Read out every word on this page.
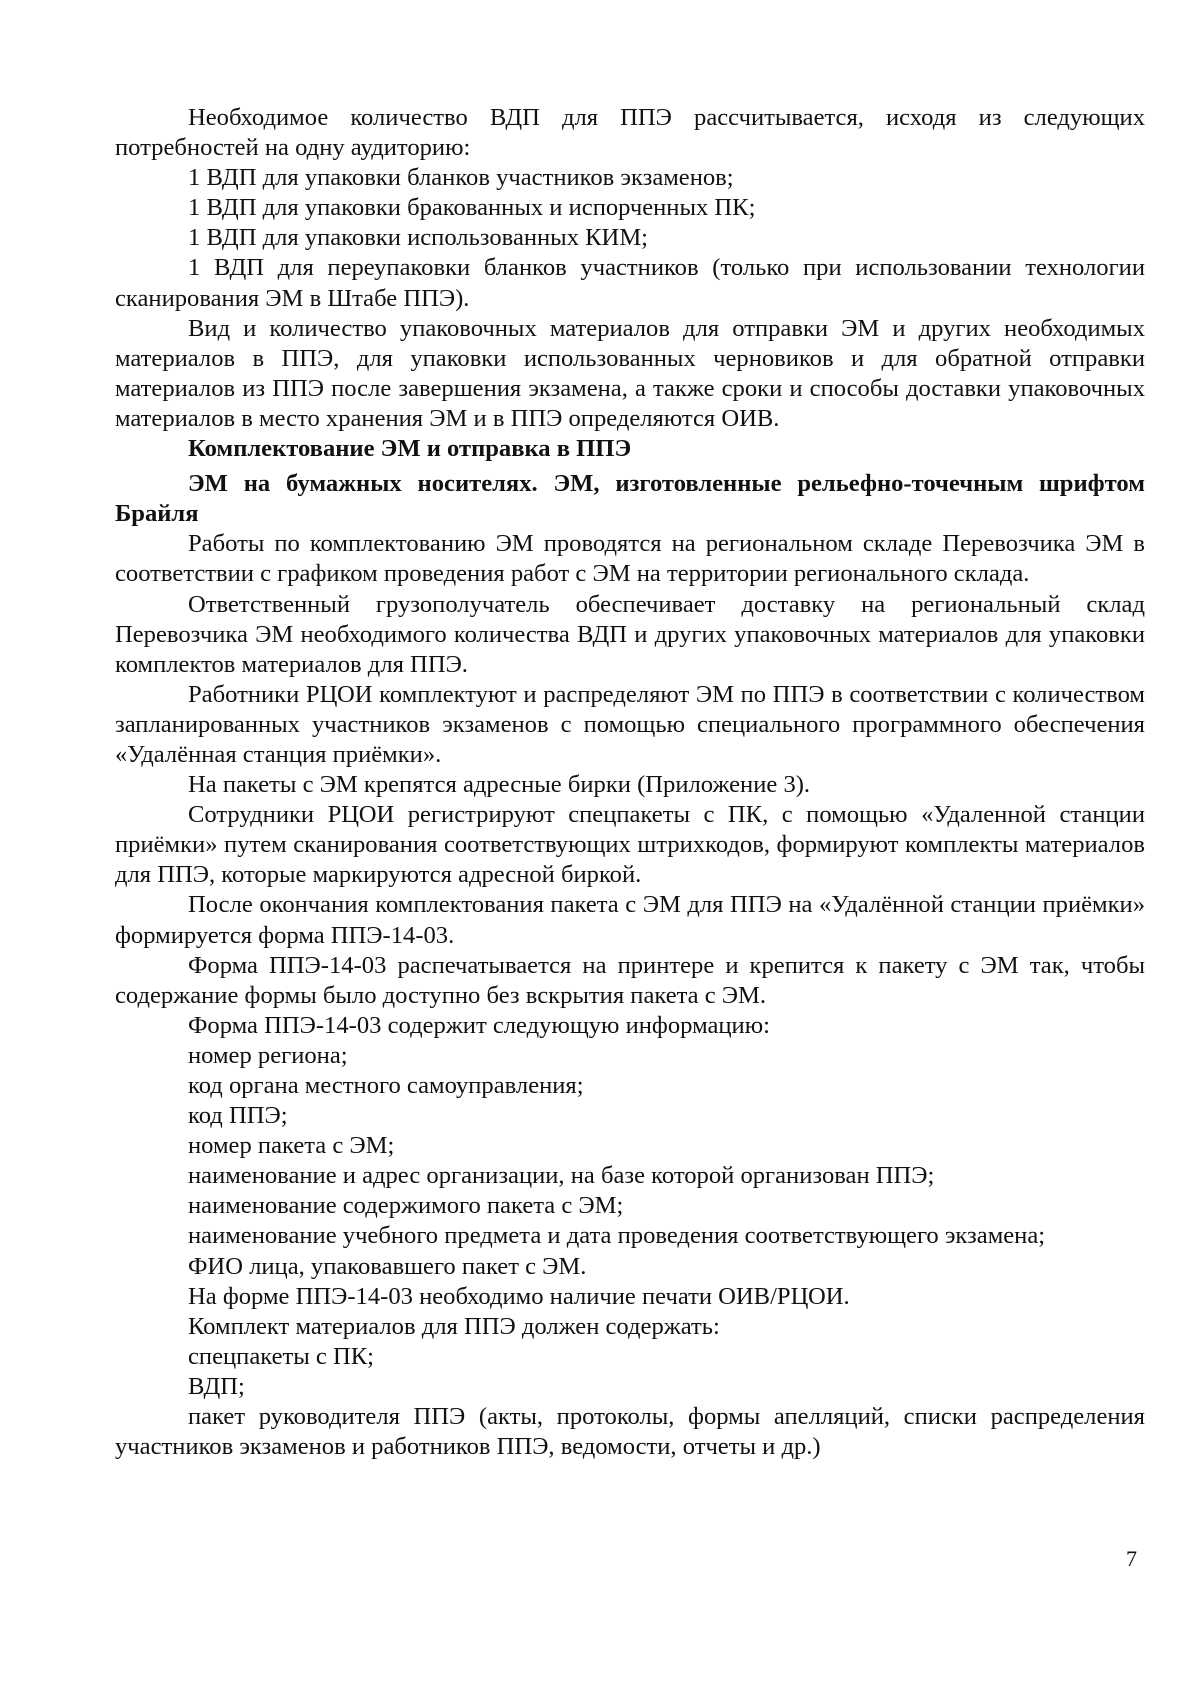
Необходимое количество ВДП для ППЭ рассчитывается, исходя из следующих потребностей на одну аудиторию:

1 ВДП для упаковки бланков участников экзаменов;

1 ВДП для упаковки бракованных и испорченных ПК;

1 ВДП для упаковки использованных КИМ;

1 ВДП для переупаковки бланков участников (только при использовании технологии сканирования ЭМ в Штабе ППЭ).

Вид и количество упаковочных материалов для отправки ЭМ и других необходимых материалов в ППЭ, для упаковки использованных черновиков и для обратной отправки материалов из ППЭ после завершения экзамена, а также сроки и способы доставки упаковочных материалов в место хранения ЭМ и в ППЭ определяются ОИВ.

Комплектование ЭМ и отправка в ППЭ

ЭМ на бумажных носителях. ЭМ, изготовленные рельефно-точечным шрифтом Брайля

Работы по комплектованию ЭМ проводятся на региональном складе Перевозчика ЭМ в соответствии с графиком проведения работ с ЭМ на территории регионального склада.

Ответственный грузополучатель обеспечивает доставку на региональный склад Перевозчика ЭМ необходимого количества ВДП и других упаковочных материалов для упаковки комплектов материалов для ППЭ.

Работники РЦОИ комплектуют и распределяют ЭМ по ППЭ в соответствии с количеством запланированных участников экзаменов с помощью специального программного обеспечения «Удалённая станция приёмки».

На пакеты с ЭМ крепятся адресные бирки (Приложение 3).

Сотрудники РЦОИ регистрируют спецпакеты с ПК, с помощью «Удаленной станции приёмки» путем сканирования соответствующих штрихкодов, формируют комплекты материалов для ППЭ, которые маркируются адресной биркой.

После окончания комплектования пакета с ЭМ для ППЭ на «Удалённой станции приёмки» формируется форма ППЭ-14-03.

Форма ППЭ-14-03 распечатывается на принтере и крепится к пакету с ЭМ так, чтобы содержание формы было доступно без вскрытия пакета с ЭМ.

Форма ППЭ-14-03 содержит следующую информацию:

номер региона;

код органа местного самоуправления;

код ППЭ;

номер пакета с ЭМ;

наименование и адрес организации, на базе которой организован ППЭ;

наименование содержимого пакета с ЭМ;

наименование учебного предмета и дата проведения соответствующего экзамена;

ФИО лица, упаковавшего пакет с ЭМ.

На форме ППЭ-14-03 необходимо наличие печати ОИВ/РЦОИ.

Комплект материалов для ППЭ должен содержать:

спецпакеты с ПК;

ВДП;

пакет руководителя ППЭ (акты, протоколы, формы апелляций, списки распределения участников экзаменов и работников ППЭ, ведомости, отчеты и др.)

7
